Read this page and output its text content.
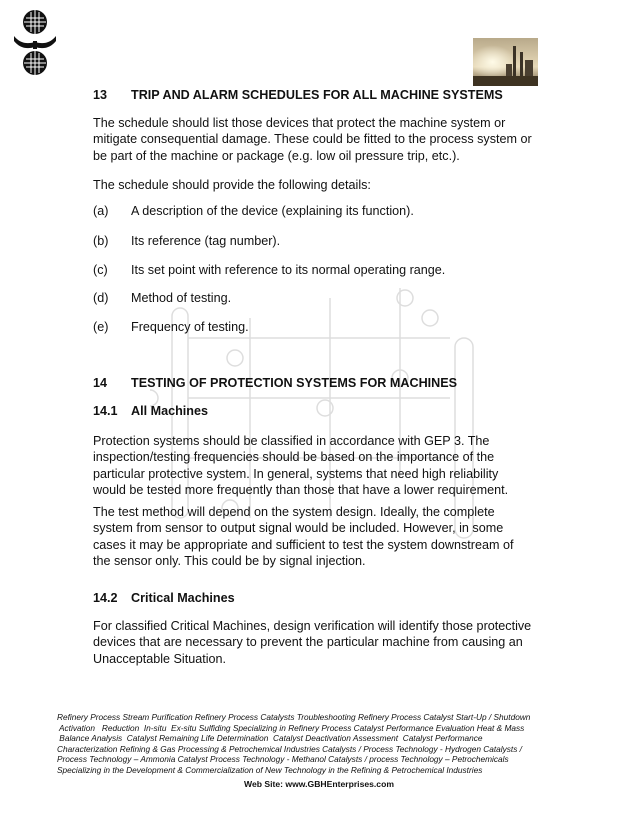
13 TRIP AND ALARM SCHEDULES FOR ALL MACHINE SYSTEMS

The schedule should list those devices that protect the machine system or mitigate consequential damage. These could be fitted to the process system or be part of the machine or package (e.g. low oil pressure trip, etc.).

The schedule should provide the following details:

(a) A description of the device (explaining its function).
(b) Its reference (tag number).
(c) Its set point with reference to its normal operating range.
(d) Method of testing.
(e) Frequency of testing.
14 TESTING OF PROTECTION SYSTEMS FOR MACHINES
14.1 All Machines

Protection systems should be classified in accordance with GEP 3. The inspection/testing frequencies should be based on the importance of the particular protective system. In general, systems that need high reliability would be tested more frequently than those that have a lower requirement.

The test method will depend on the system design. Ideally, the complete system from sensor to output signal would be included. However, in some cases it may be appropriate and sufficient to test the system downstream of the sensor only. This could be by signal injection.

14.2 Critical Machines

For classified Critical Machines, design verification will identify those protective devices that are necessary to prevent the particular machine from causing an Unacceptable Situation.

Refinery Process Stream Purification Refinery Process Catalysts Troubleshooting Refinery Process Catalyst Start-Up / Shutdown

Activation   Reduction  In-situ  Ex-situ Sulfiding Specializing in Refinery Process Catalyst Performance Evaluation Heat & Mass

Balance Analysis  Catalyst Remaining Life Determination  Catalyst Deactivation Assessment  Catalyst Performance

Characterization Refining & Gas Processing & Petrochemical Industries Catalysts / Process Technology - Hydrogen Catalysts /

Process Technology – Ammonia Catalyst Process Technology - Methanol Catalysts / process Technology – Petrochemicals

Specializing in the Development & Commercialization of New Technology in the Refining & Petrochemical Industries

Web Site: www.GBHEnterprises.com
